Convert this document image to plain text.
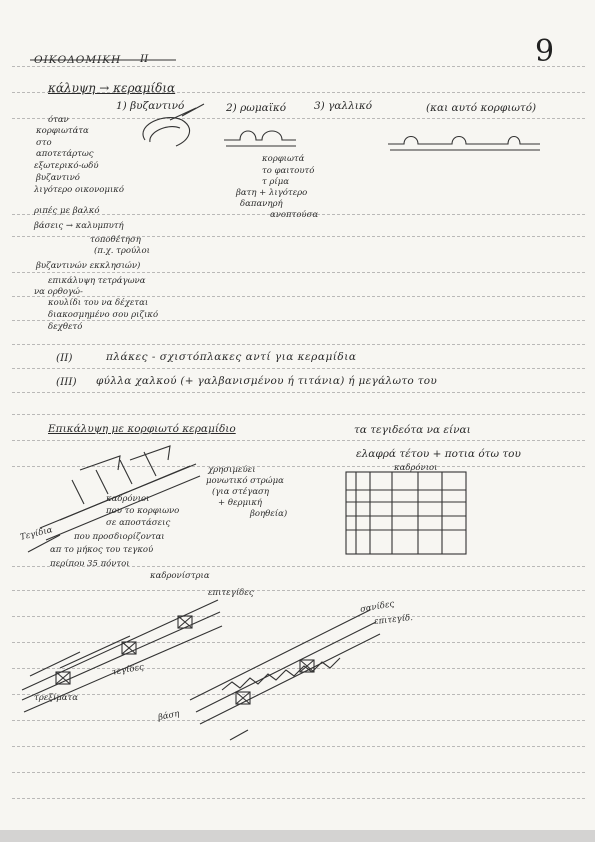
9
ΟΙΚΟΔΟΜΙΚΗ ΙΙ
κάλυψη → κεραμίδια
1) βυζαντινό	2) ρωμαϊκό	3) γαλλικό	(και αυτό κορφιωτό)
όταν
κορφιωτάτα
στο
αποτετάρτως
εξωτερικό-ωδύ
βυζαντινό
λιγότερο οικονομικό
κορφιωτά
το φαιτουτό
τ ρίμα
βατη + λιγότερο
δαπανηρή
ανοπτούσα
ριπές με βαλκό
βάσεις → καλυμπυτή
τοποθέτηση
(π.χ. τρούλοι
βυζαντινών εκκλησιών)
επικάλυψη τετράγωνα
να ορθογώ-
κουλίδι του να δέχεται
διακοσμημένο σου ριζικό
δεχθετό
(ΙΙ)	πλάκες - σχιστόπλακες αντί για κεραμίδια
(ΙΙΙ) φύλλα χαλκού (+ γαλβανισμένου ή τιτάνια) ή μεγάλωτο του
Επικάλυψη με κορφιωτό κεραμίδιο	τα τεγιδεότα να είναι
ελαφρά τέτου + ποτια ότω του
χρησιμεύει
μονωτικό στρώμα
(για στέγαση
+ θερμική
βοηθεία)
καδρόνιοι
καδρόνιοι
που το κορφιωνο
σε αποστάσεις
που προσδιορίζονται
απ το μήκος του τεγκού
περίπου 35 πόντοι
καδρονίστρια
Τεγίδια
επιτεγίδες
σανίδες
επιτεγίδ.
τεγίδες
τρεξίματα
βάση
